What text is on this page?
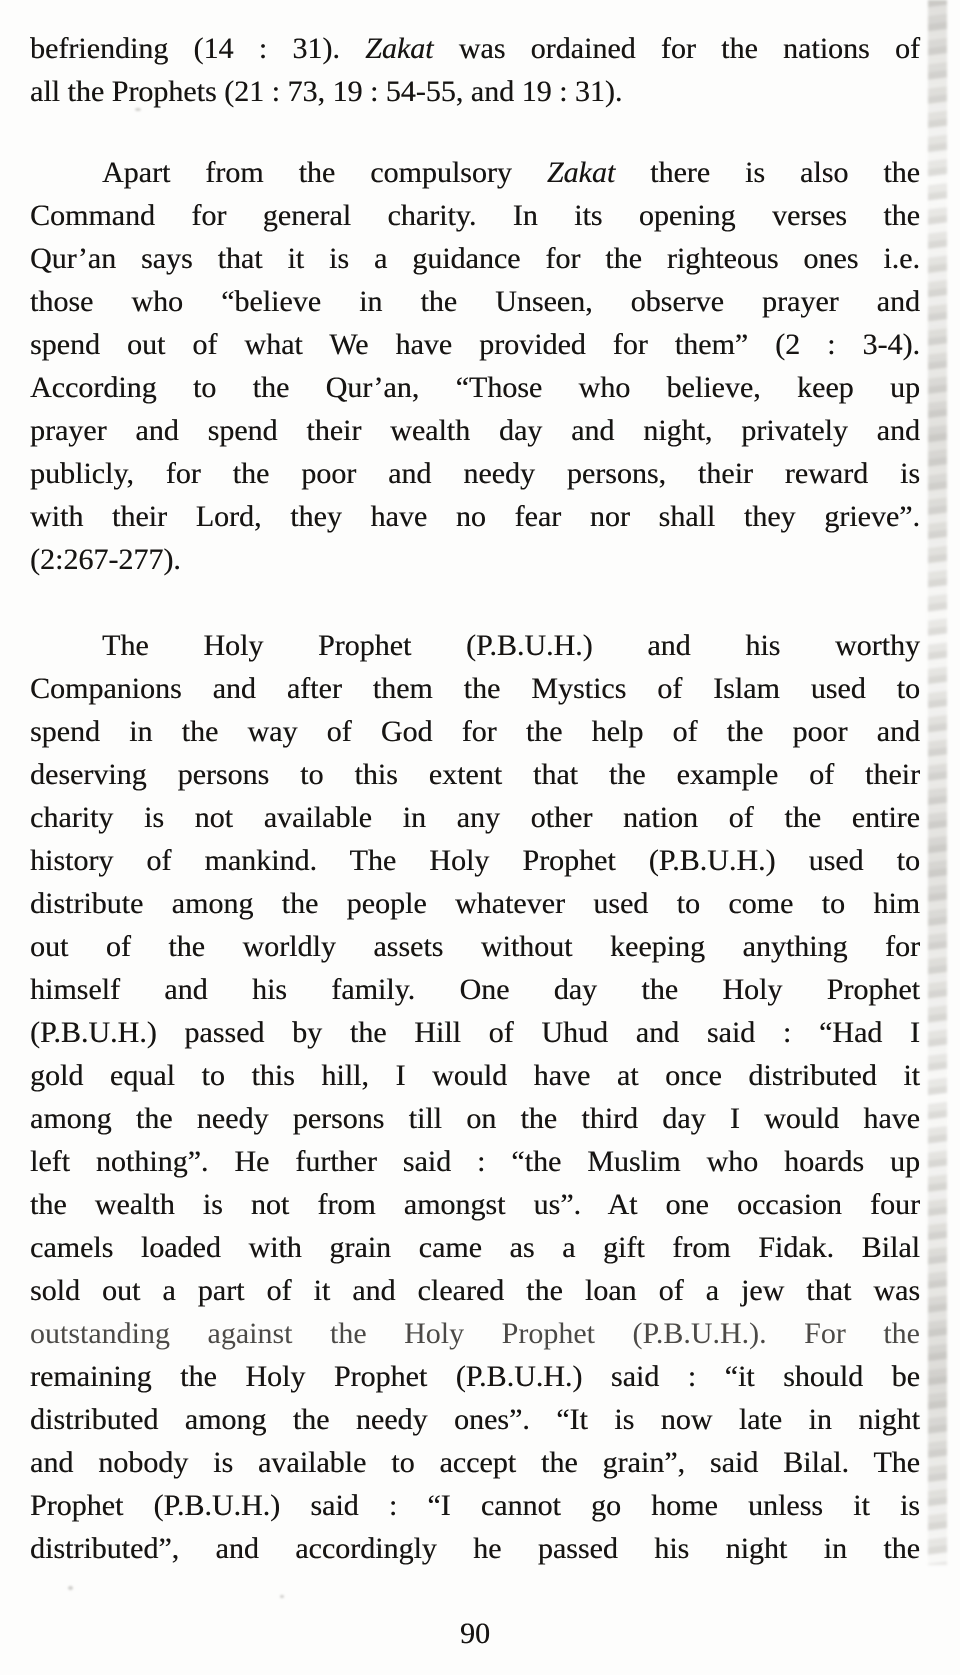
befriending (14 : 31). Zakat was ordained for the nations of
all the Prophets (21 : 73, 19 : 54-55, and 19 : 31).
Apart from the compulsory Zakat there is also the
Command for general charity. In its opening verses the
Qur’an says that it is a guidance for the righteous ones i.e.
those who “believe in the Unseen, observe prayer and
spend out of what We have provided for them” (2 : 3-4).
According to the Qur’an, “Those who believe, keep up
prayer and spend their wealth day and night, privately and
publicly, for the poor and needy persons, their reward is
with their Lord, they have no fear nor shall they grieve”.
(2:267-277).
The Holy Prophet (P.B.U.H.) and his worthy
Companions and after them the Mystics of Islam used to
spend in the way of God for the help of the poor and
deserving persons to this extent that the example of their
charity is not available in any other nation of the entire
history of mankind. The Holy Prophet (P.B.U.H.) used to
distribute among the people whatever used to come to him
out of the worldly assets without keeping anything for
himself and his family. One day the Holy Prophet
(P.B.U.H.) passed by the Hill of Uhud and said : “Had I
gold equal to this hill, I would have at once distributed it
among the needy persons till on the third day I would have
left nothing”. He further said : “the Muslim who hoards up
the wealth is not from amongst us”. At one occasion four
camels loaded with grain came as a gift from Fidak. Bilal
sold out a part of it and cleared the loan of a jew that was
outstanding against the Holy Prophet (P.B.U.H.). For the
remaining the Holy Prophet (P.B.U.H.) said : “it should be
distributed among the needy ones”. “It is now late in night
and nobody is available to accept the grain”, said Bilal. The
Prophet (P.B.U.H.) said : “I cannot go home unless it is
distributed”, and accordingly he passed his night in the
90
